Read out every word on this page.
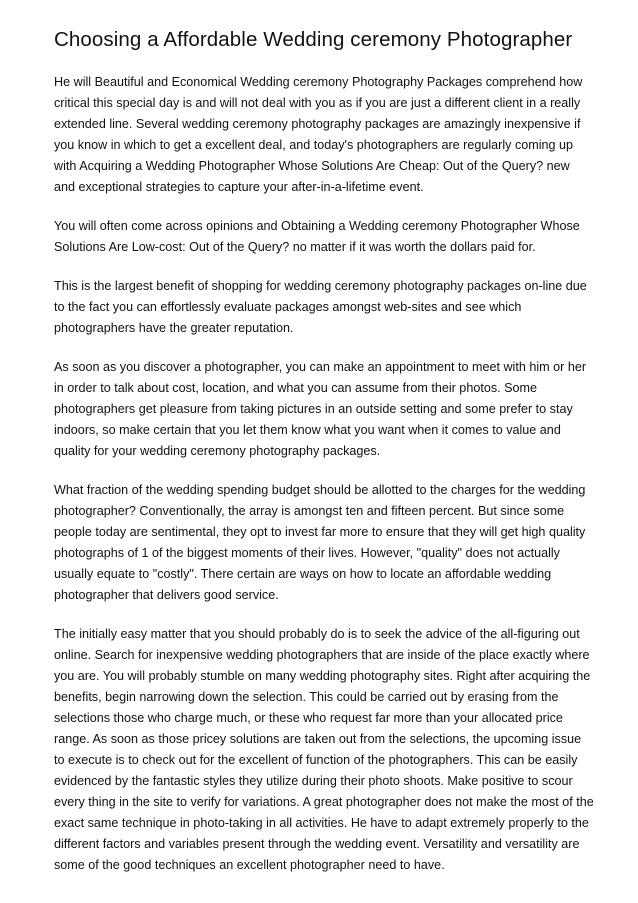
Choosing a Affordable Wedding ceremony Photographer

He will Beautiful and Economical Wedding ceremony Photography Packages comprehend how critical this special day is and will not deal with you as if you are just a different client in a really extended line. Several wedding ceremony photography packages are amazingly inexpensive if you know in which to get a excellent deal, and today's photographers are regularly coming up with Acquiring a Wedding Photographer Whose Solutions Are Cheap: Out of the Query? new and exceptional strategies to capture your after-in-a-lifetime event.

You will often come across opinions and Obtaining a Wedding ceremony Photographer Whose Solutions Are Low-cost: Out of the Query? no matter if it was worth the dollars paid for.

This is the largest benefit of shopping for wedding ceremony photography packages on-line due to the fact you can effortlessly evaluate packages amongst web-sites and see which photographers have the greater reputation.

As soon as you discover a photographer, you can make an appointment to meet with him or her in order to talk about cost, location, and what you can assume from their photos. Some photographers get pleasure from taking pictures in an outside setting and some prefer to stay indoors, so make certain that you let them know what you want when it comes to value and quality for your wedding ceremony photography packages.

What fraction of the wedding spending budget should be allotted to the charges for the wedding photographer? Conventionally, the array is amongst ten and fifteen percent. But since some people today are sentimental, they opt to invest far more to ensure that they will get high quality photographs of 1 of the biggest moments of their lives. However, "quality" does not actually usually equate to "costly". There certain are ways on how to locate an affordable wedding photographer that delivers good service.

The initially easy matter that you should probably do is to seek the advice of the all-figuring out online. Search for inexpensive wedding photographers that are inside of the place exactly where you are. You will probably stumble on many wedding photography sites. Right after acquiring the benefits, begin narrowing down the selection. This could be carried out by erasing from the selections those who charge much, or these who request far more than your allocated price range. As soon as those pricey solutions are taken out from the selections, the upcoming issue to execute is to check out for the excellent of function of the photographers. This can be easily evidenced by the fantastic styles they utilize during their photo shoots. Make positive to scour every thing in the site to verify for variations. A great photographer does not make the most of the exact same technique in photo-taking in all activities. He have to adapt extremely properly to the different factors and variables present through the wedding event. Versatility and versatility are some of the good techniques an excellent photographer need to have.
